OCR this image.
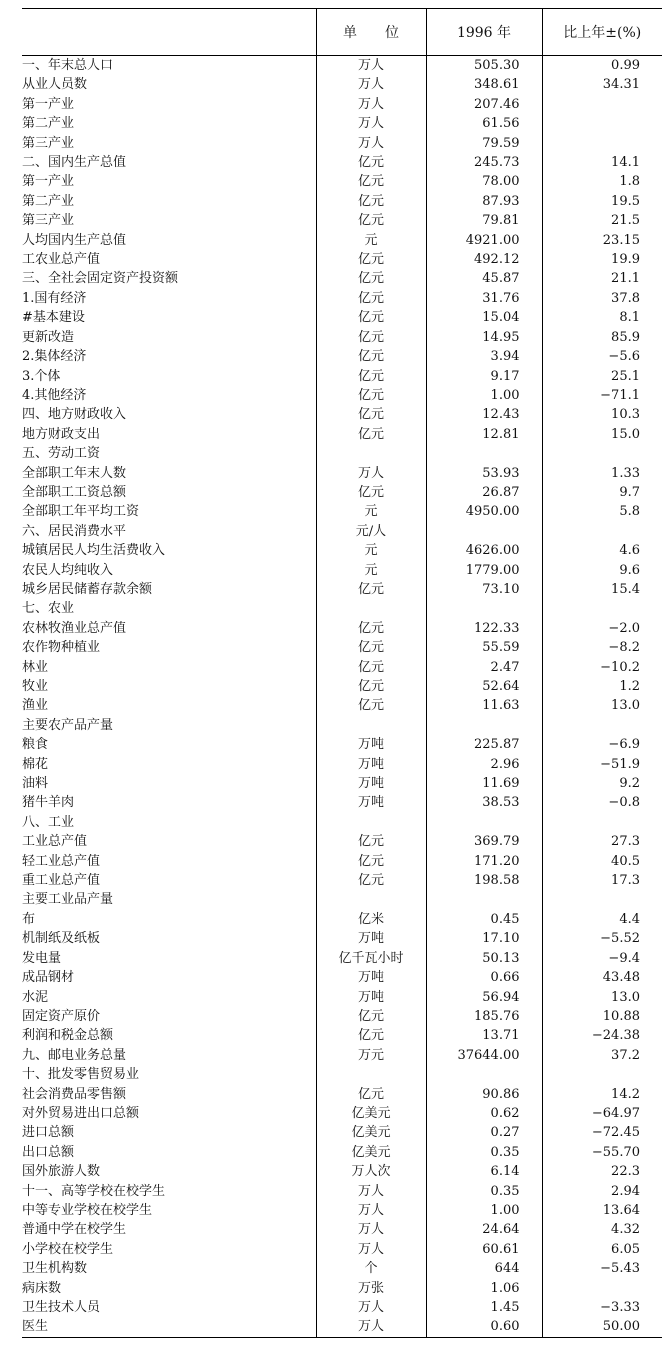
	单　　位	1996 年	比上年±(%)
一、年末总人口	万人	505.30	0.99
从业人员数	万人	348.61	34.31
第一产业	万人	207.46	
第二产业	万人	61.56	
第三产业	万人	79.59	
二、国内生产总值	亿元	245.73	14.1
第一产业	亿元	78.00	1.8
第二产业	亿元	87.93	19.5
第三产业	亿元	79.81	21.5
人均国内生产总值	元	4921.00	23.15
工农业总产值	亿元	492.12	19.9
三、全社会固定资产投资额	亿元	45.87	21.1
1.国有经济	亿元	31.76	37.8
#基本建设	亿元	15.04	8.1
更新改造	亿元	14.95	85.9
2.集体经济	亿元	3.94	−5.6
3.个体	亿元	9.17	25.1
4.其他经济	亿元	1.00	−71.1
四、地方财政收入	亿元	12.43	10.3
地方财政支出	亿元	12.81	15.0
五、劳动工资			
全部职工年末人数	万人	53.93	1.33
全部职工工资总额	亿元	26.87	9.7
全部职工年平均工资	元	4950.00	5.8
六、居民消费水平	元/人		
城镇居民人均生活费收入	元	4626.00	4.6
农民人均纯收入	元	1779.00	9.6
城乡居民储蓄存款余额	亿元	73.10	15.4
七、农业			
农林牧渔业总产值	亿元	122.33	−2.0
农作物种植业	亿元	55.59	−8.2
林业	亿元	2.47	−10.2
牧业	亿元	52.64	1.2
渔业	亿元	11.63	13.0
主要农产品产量			
粮食	万吨	225.87	−6.9
棉花	万吨	2.96	−51.9
油料	万吨	11.69	9.2
猪牛羊肉	万吨	38.53	−0.8
八、工业			
工业总产值	亿元	369.79	27.3
轻工业总产值	亿元	171.20	40.5
重工业总产值	亿元	198.58	17.3
主要工业品产量			
布	亿米	0.45	4.4
机制纸及纸板	万吨	17.10	−5.52
发电量	亿千瓦小时	50.13	−9.4
成品钢材	万吨	0.66	43.48
水泥	万吨	56.94	13.0
固定资产原价	亿元	185.76	10.88
利润和税金总额	亿元	13.71	−24.38
九、邮电业务总量	万元	37644.00	37.2
十、批发零售贸易业			
社会消费品零售额	亿元	90.86	14.2
对外贸易进出口总额	亿美元	0.62	−64.97
进口总额	亿美元	0.27	−72.45
出口总额	亿美元	0.35	−55.70
国外旅游人数	万人次	6.14	22.3
十一、高等学校在校学生	万人	0.35	2.94
中等专业学校在校学生	万人	1.00	13.64
普通中学在校学生	万人	24.64	4.32
小学校在校学生	万人	60.61	6.05
卫生机构数	个	644	−5.43
病床数	万张	1.06	
卫生技术人员	万人	1.45	−3.33
医生	万人	0.60	50.00
